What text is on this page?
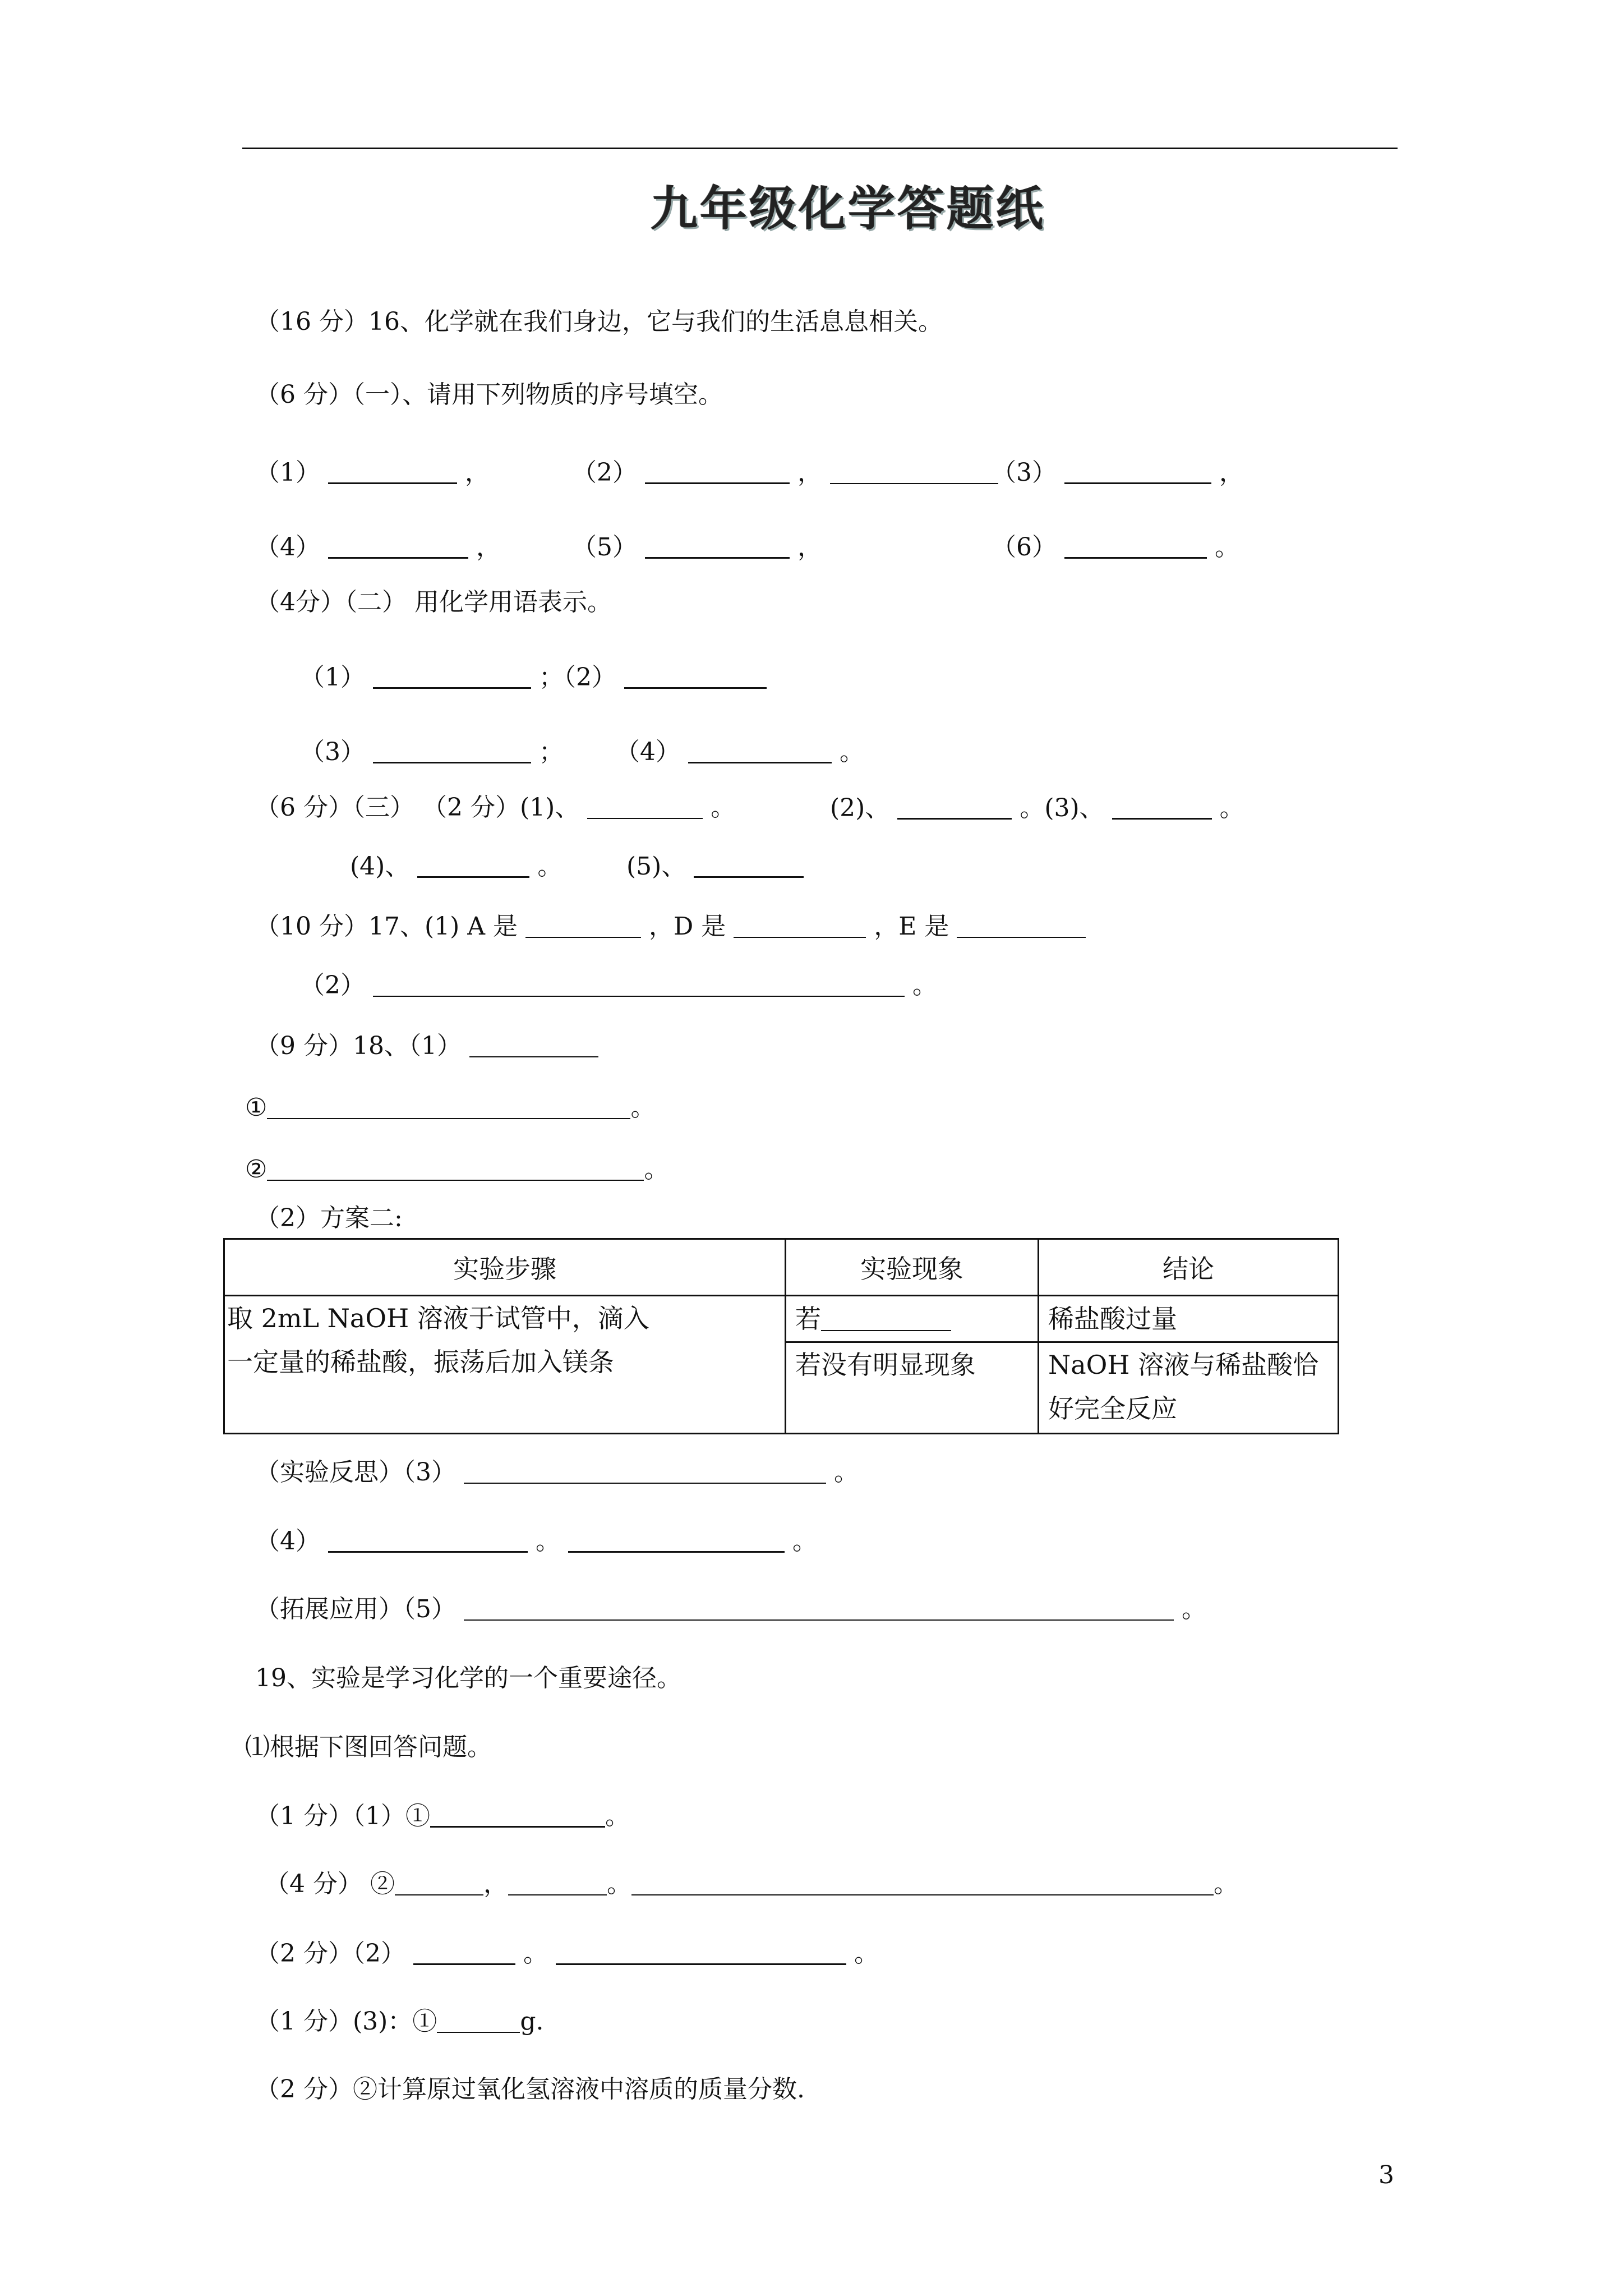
九年级化学答题纸
（16 分）16、化学就在我们身边，它与我们的生活息息相关。
（6 分）（一）、请用下列物质的序号填空。
（1）	，	（2）	，	（3）	，
（4）	，	（5）	，	（6）	。
（4分）（二） 用化学用语表示。
（1）	；（2）
（3）	； （4）	。
（6 分）（三） （2 分）(1)、	。	(2)、	。(3)、	。
(4)、	。	(5)、
（10 分）17、(1) A 是	，D 是	，E 是
（2）	。
（9 分）18、（1）
①	。
②	。
（2）方案二:
实验步骤	实验现象	结论

取 2mL NaOH 溶液于试管中，滴入
一定量的稀盐酸，振荡后加入镁条	若	稀盐酸过量

	若没有明显现象	NaOH 溶液与稀盐酸恰
好完全反应
（实验反思）（3）	。
（4）	。	。
（拓展应用）（5）	。
19、实验是学习化学的一个重要途径。
⑴根据下图回答问题。
（1 分）（1）①	。
（4 分） ②	，	。	。
（2 分）（2）	。	。
（1 分）(3)：①	g.
（2 分）②计算原过氧化氢溶液中溶质的质量分数.
3
